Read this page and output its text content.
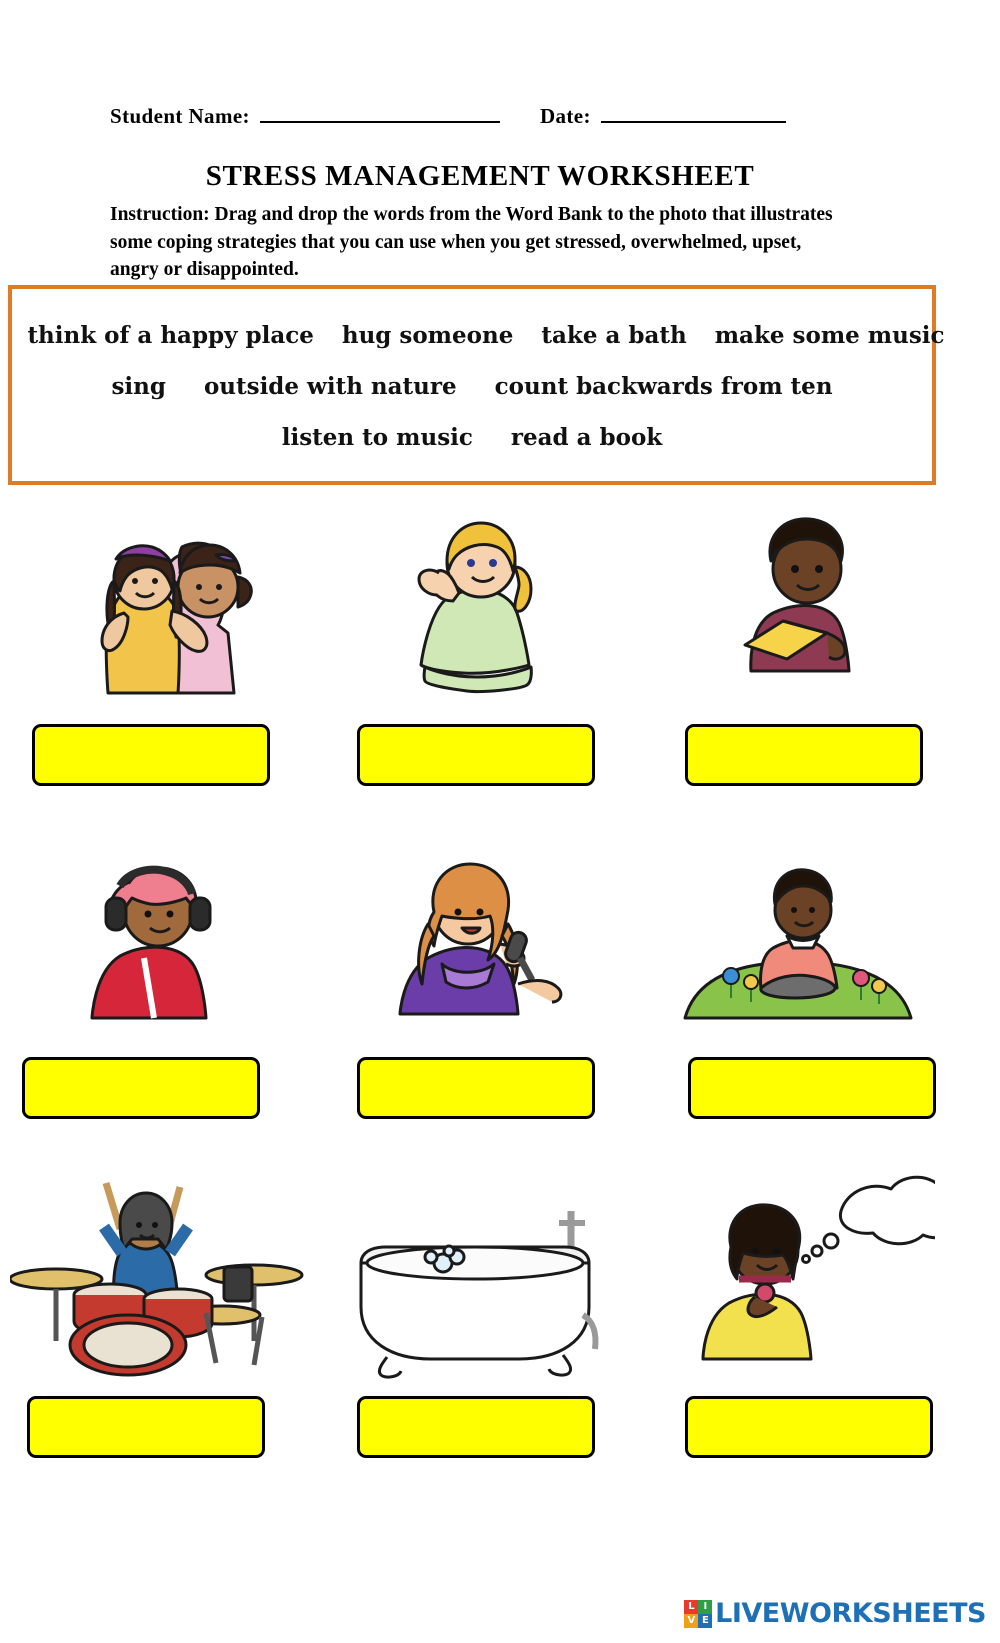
Student Name:	Date:
STRESS MANAGEMENT WORKSHEET
Instruction: Drag and drop the words from the Word Bank to the photo that illustrates some coping strategies that you can use when you get stressed, overwhelmed, upset, angry or disappointed.
think of a happy place hug someone take a bath make some music
sing outside with nature count backwards from ten
listen to music read a book
L I
V E LIVEWORKSHEETS
